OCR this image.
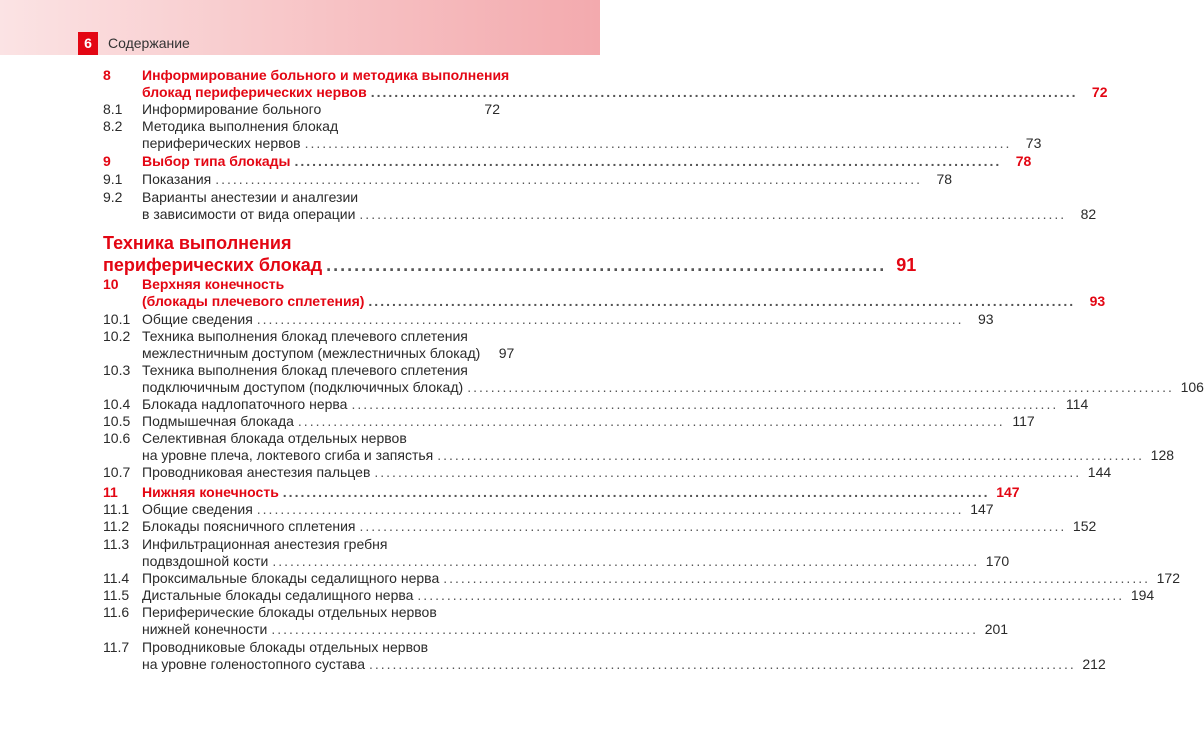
6	Содержание
8 Информирование больного и методика выполнения
блокад периферических нервов ........................................................................................................................	72
8.1 Информирование больного	72
8.2 Методика выполнения блокад
периферических нервов ........................................................................................................................	73
9 Выбор типа блокады ........................................................................................................................	78
9.1 Показания ........................................................................................................................	78
9.2 Варианты анестезии и аналгезии
в зависимости от вида операции ........................................................................................................................	82
Техника выполнения
периферических блокад ................................................................................ 91
10 Верхняя конечность
(блокады плечевого сплетения) ........................................................................................................................	93
10.1 Общие сведения ........................................................................................................................	93
10.2 Техника выполнения блокад плечевого сплетения
межлестничным доступом (межлестничных блокад)	97
10.3 Техника выполнения блокад плечевого сплетения
подключичным доступом (подключичных блокад) ........................................................................................................................ 106
10.4 Блокада надлопаточного нерва ........................................................................................................................ 114
10.5 Подмышечная блокада ........................................................................................................................ 117
10.6 Селективная блокада отдельных нервов
на уровне плеча, локтевого сгиба и запястья ........................................................................................................................ 128
10.7 Проводниковая анестезия пальцев ........................................................................................................................ 144
11 Нижняя конечность ........................................................................................................................ 147
11.1 Общие сведения ........................................................................................................................ 147
11.2 Блокады поясничного сплетения ........................................................................................................................ 152
11.3 Инфильтрационная анестезия гребня
подвздошной кости ........................................................................................................................ 170
11.4 Проксимальные блокады седалищного нерва ........................................................................................................................ 172
11.5 Дистальные блокады седалищного нерва ........................................................................................................................ 194
11.6 Периферические блокады отдельных нервов
нижней конечности ........................................................................................................................ 201
11.7 Проводниковые блокады отдельных нервов
на уровне голеностопного сустава ........................................................................................................................ 212
